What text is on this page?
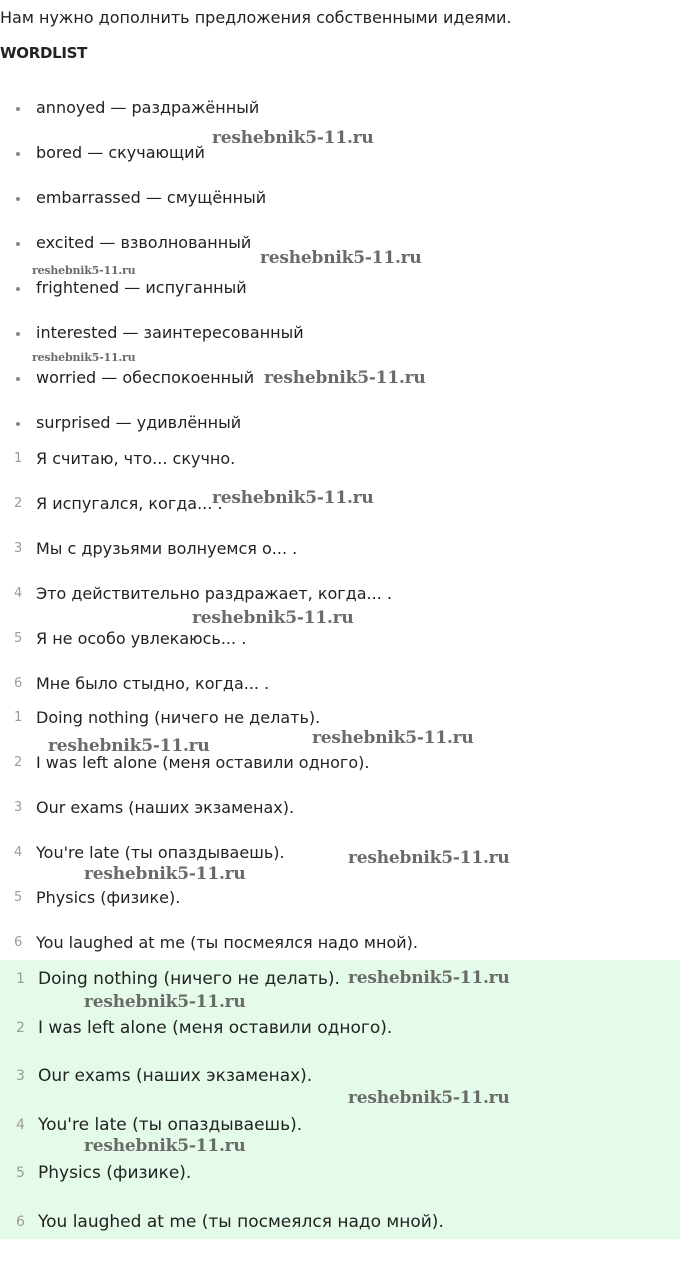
Нам нужно дополнить предложения собственными идеями.
WORDLIST
annoyed — раздражённый
bored — скучающий
embarrassed — смущённый
excited — взволнованный
frightened — испуганный
interested — заинтересованный
worried — обеспокоенный
surprised — удивлённый
1 Я считаю, что... скучно.
2 Я испугался, когда... .
3 Мы с друзьями волнуемся о... .
4 Это действительно раздражает, когда... .
5 Я не особо увлекаюсь... .
6 Мне было стыдно, когда... .
1 Doing nothing (ничего не делать).
2 I was left alone (меня оставили одного).
3 Our exams (наших экзаменах).
4 You're late (ты опаздываешь).
5 Physics (физике).
6 You laughed at me (ты посмеялся надо мной).
1 Doing nothing (ничего не делать).
2 I was left alone (меня оставили одного).
3 Our exams (наших экзаменах).
4 You're late (ты опаздываешь).
5 Physics (физике).
6 You laughed at me (ты посмеялся надо мной).
reshebnik5-11.ru
reshebnik5-11.ru
reshebnik5-11.ru
reshebnik5-11.ru
reshebnik5-11.ru
reshebnik5-11.ru
reshebnik5-11.ru
reshebnik5-11.ru
reshebnik5-11.ru
reshebnik5-11.ru
reshebnik5-11.ru
reshebnik5-11.ru
reshebnik5-11.ru
reshebnik5-11.ru
reshebnik5-11.ru
